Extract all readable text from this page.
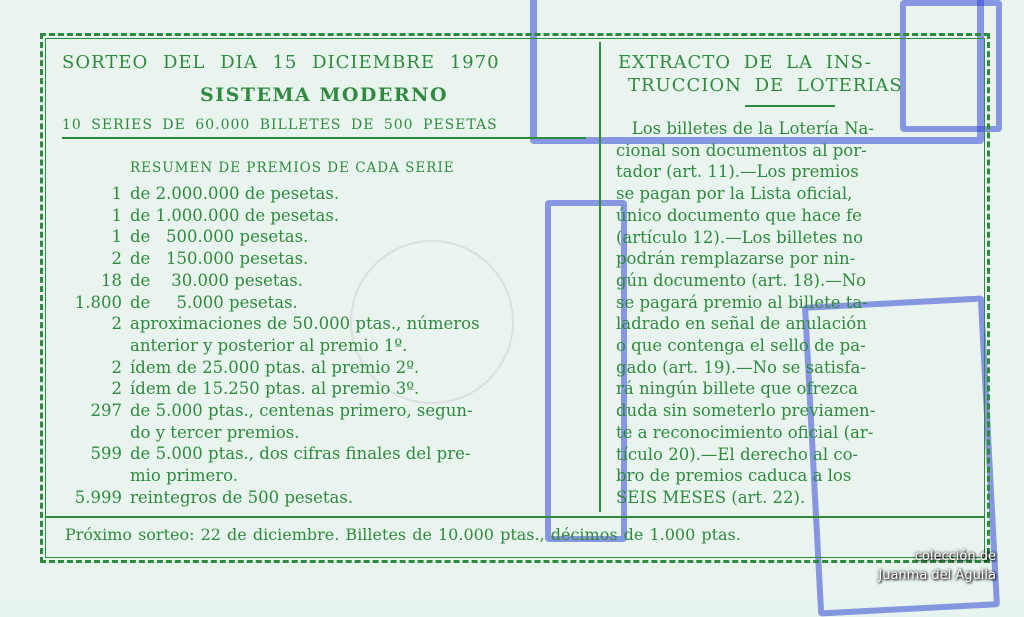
SORTEO DEL DIA 15 DICIEMBRE 1970
SISTEMA MODERNO
10 SERIES DE 60.000 BILLETES DE 500 PESETAS
RESUMEN DE PREMIOS DE CADA SERIE
1 de 2.000.000 de pesetas.
1 de 1.000.000 de pesetas.
1 de   500.000 pesetas.
2 de   150.000 pesetas.
18 de    30.000 pesetas.
1.800 de     5.000 pesetas.
2 aproximaciones de 50.000 ptas., números
anterior y posterior al premio 1º.
2 ídem de 25.000 ptas. al premio 2º.
2 ídem de 15.250 ptas. al premio 3º.
297 de 5.000 ptas., centenas primero, segun-
do y tercer premios.
599 de 5.000 ptas., dos cifras finales del pre-
mio primero.
5.999 reintegros de 500 pesetas.
EXTRACTO DE LA INS-
TRUCCION DE LOTERIAS
Los billetes de la Lotería Na-
cional son documentos al por-
tador (art. 11).—Los premios
se pagan por la Lista oficial,
único documento que hace fe
(artículo 12).—Los billetes no
podrán remplazarse por nin-
gún documento (art. 18).—No
se pagará premio al billete ta-
ladrado en señal de anulación
o que contenga el sello de pa-
gado (art. 19).—No se satisfa-
rá ningún billete que ofrezca
duda sin someterlo previamen-
te a reconocimiento oficial (ar-
tículo 20).—El derecho al co-
bro de premios caduca a los
SEIS MESES (art. 22).
Próximo sorteo: 22 de diciembre. Billetes de 10.000 ptas., décimos de 1.000 ptas.
colección de
Juanma del Aguila
